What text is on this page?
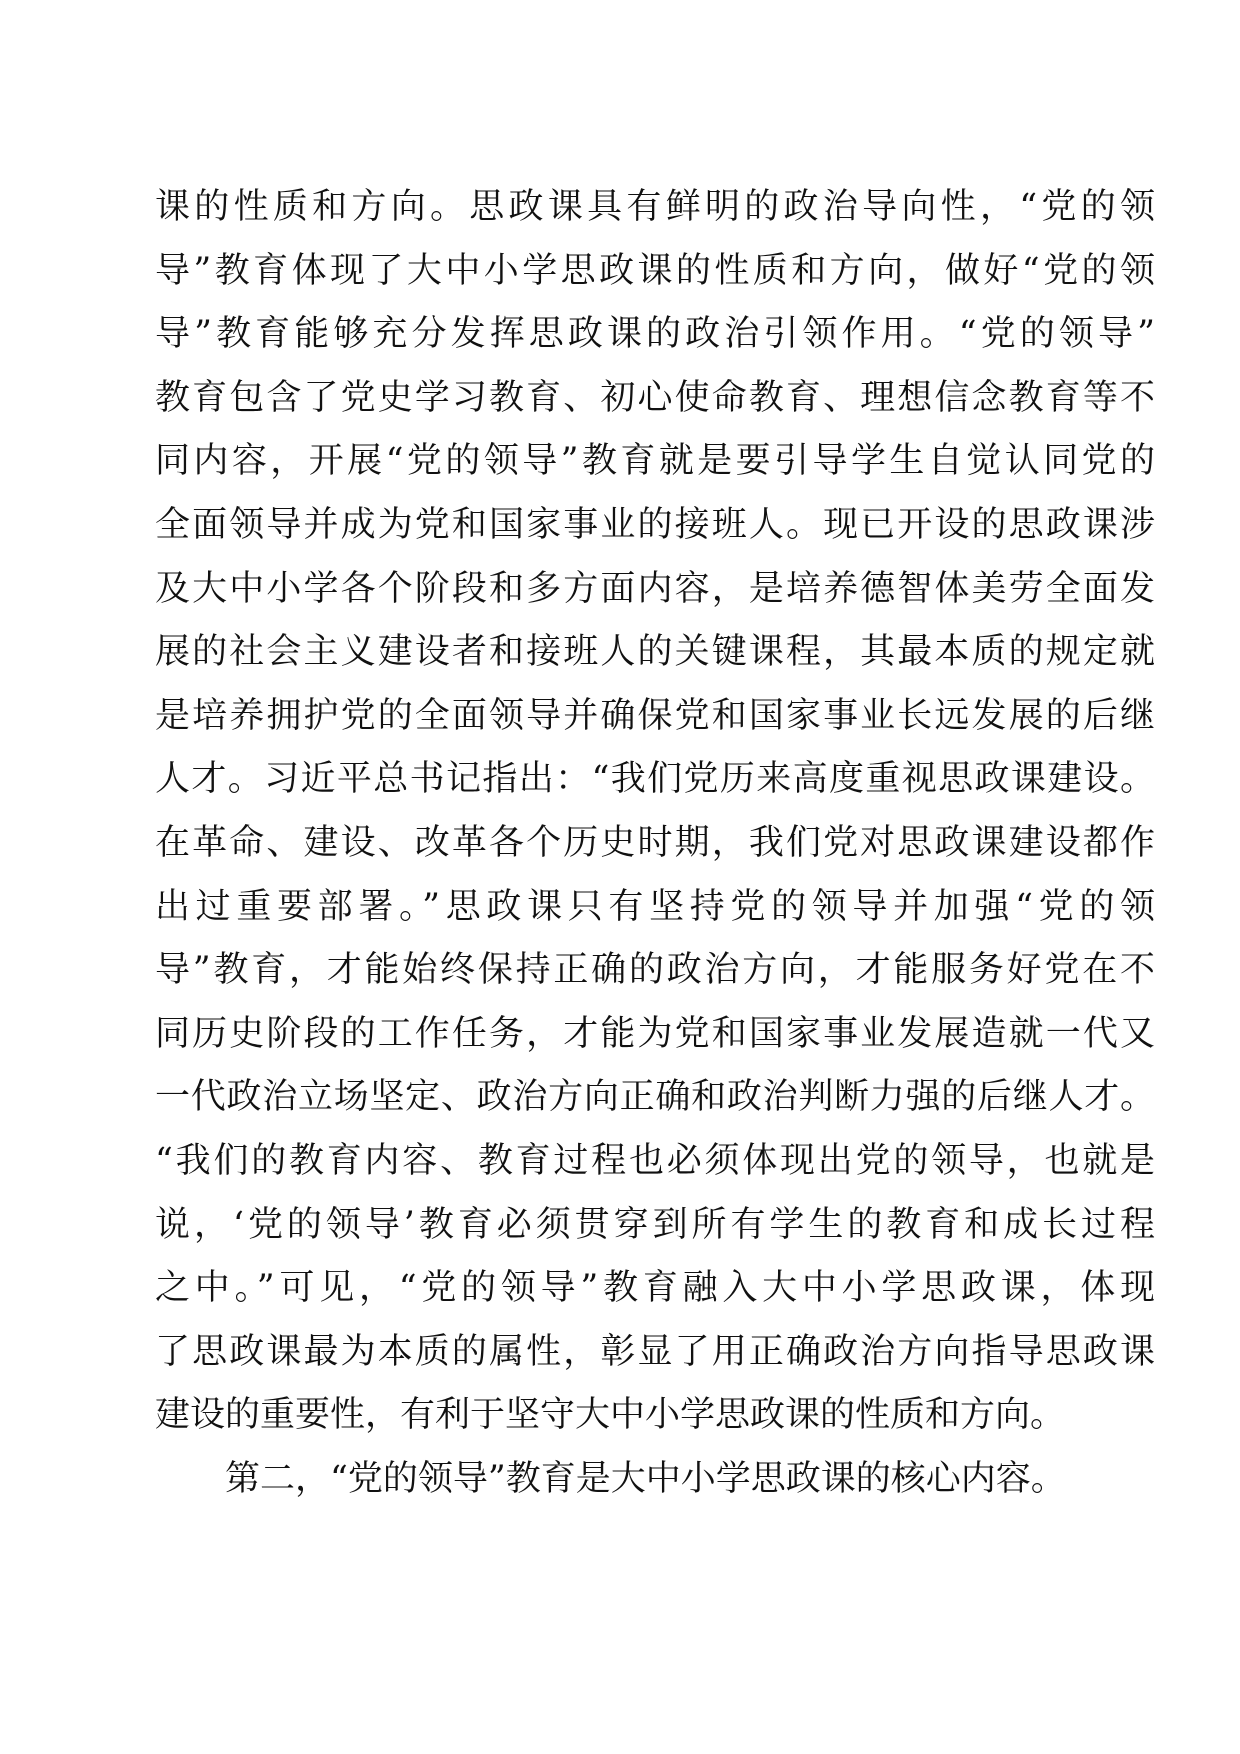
课的性质和方向。思政课具有鲜明的政治导向性，“党的领
导”教育体现了大中小学思政课的性质和方向，做好“党的领
导”教育能够充分发挥思政课的政治引领作用。“党的领导”
教育包含了党史学习教育、初心使命教育、理想信念教育等不
同内容，开展“党的领导”教育就是要引导学生自觉认同党的
全面领导并成为党和国家事业的接班人。现已开设的思政课涉
及大中小学各个阶段和多方面内容，是培养德智体美劳全面发
展的社会主义建设者和接班人的关键课程，其最本质的规定就
是培养拥护党的全面领导并确保党和国家事业长远发展的后继
人才。习近平总书记指出：“我们党历来高度重视思政课建设。
在革命、建设、改革各个历史时期，我们党对思政课建设都作
出过重要部署。”思政课只有坚持党的领导并加强“党的领
导”教育，才能始终保持正确的政治方向，才能服务好党在不
同历史阶段的工作任务，才能为党和国家事业发展造就一代又
一代政治立场坚定、政治方向正确和政治判断力强的后继人才。
“我们的教育内容、教育过程也必须体现出党的领导，也就是
说，‘党的领导’教育必须贯穿到所有学生的教育和成长过程
之中。”可见，“党的领导”教育融入大中小学思政课，体现
了思政课最为本质的属性，彰显了用正确政治方向指导思政课
建设的重要性，有利于坚守大中小学思政课的性质和方向。
第二，“党的领导”教育是大中小学思政课的核心内容。
